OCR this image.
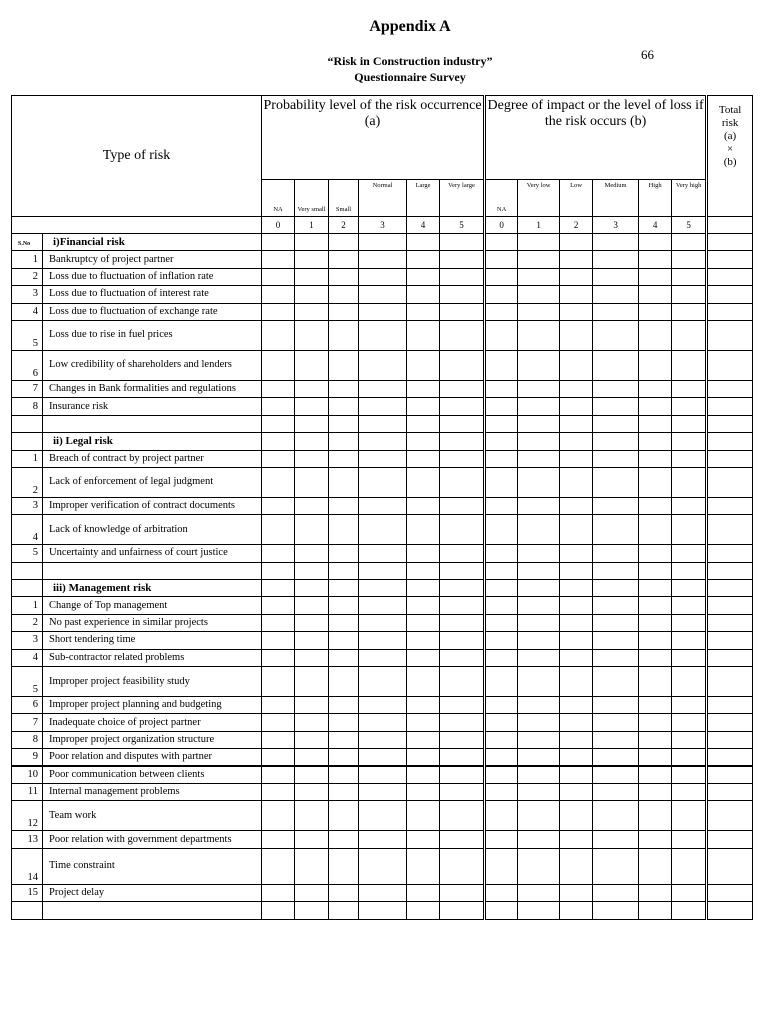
Appendix A
“Risk in Construction industry”
Questionnaire Survey
66
Type of risk		Probability level of the risk occurrence (a)						Degree of impact or the level of loss if the risk occurs (b)						Total
risk
(a)
×
(b)

		NA	Very small	Small	Normal	Large	Very large	NA	Very low	Low	Medium	High	Very high	
		0	1	2	3	4	5	0	1	2	3	4	5	
S.No	i)Financial risk													
1	Bankruptcy of project partner													
2	Loss due to fluctuation of inflation rate													
3	Loss due to fluctuation of interest rate													
4	Loss due to fluctuation of exchange rate													
5	Loss due to rise in fuel prices													
6	Low credibility of shareholders and lenders													
7	Changes in Bank formalities and regulations													
8	Insurance risk													

	ii) Legal risk													
1	Breach of contract by project partner													
2	Lack of enforcement of legal judgment													
3	Improper verification of contract documents													
4	Lack of knowledge of arbitration													
5	Uncertainty and unfairness of court justice													

	iii) Management risk													
1	Change of Top management													
2	No past experience in similar projects													
3	Short tendering time													
4	Sub-contractor related problems													
5	Improper project feasibility study													
6	Improper project planning and budgeting													
7	Inadequate choice of project partner													
8	Improper project organization structure													
9	Poor relation and disputes with partner													
10	Poor communication between clients													
11	Internal management problems													
12	Team work													
13	Poor relation with government departments													
14	Time constraint													
15	Project delay													
